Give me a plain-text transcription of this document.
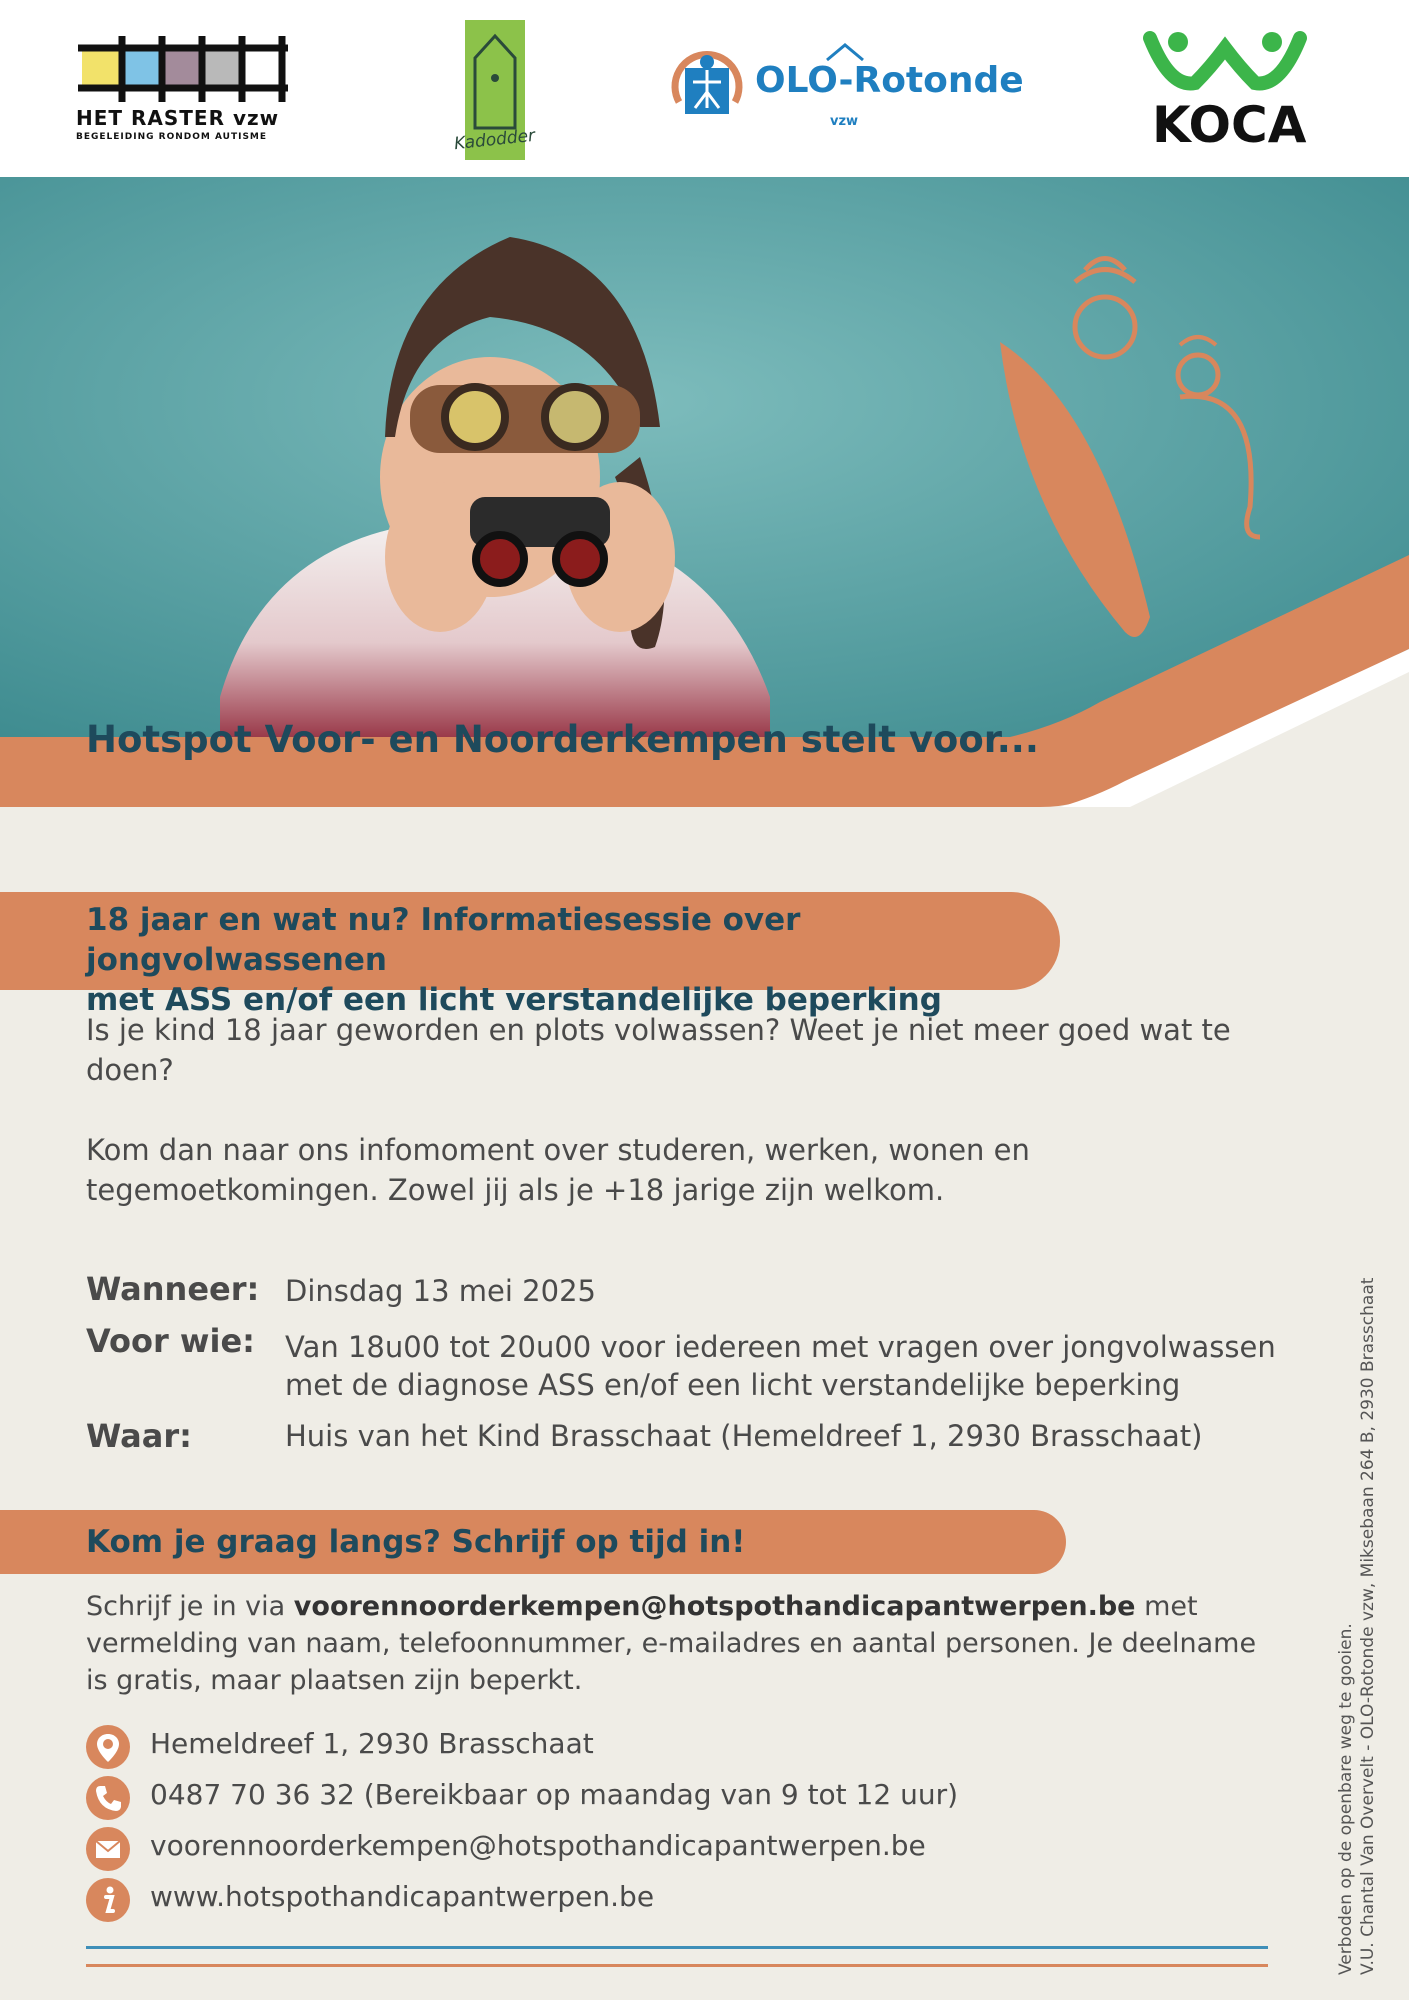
HET RASTER vzw
BEGELEIDING RONDOM AUTISME	Kadodder
OLO-Rotonde
vzw	KOCA
Hotspot Voor- en Noorderkempen stelt voor...
18 jaar en wat nu? Informatiesessie over jongvolwassenen
met ASS en/of een licht verstandelijke beperking
Is je kind 18 jaar geworden en plots volwassen? Weet je niet meer goed wat te doen?
Kom dan naar ons infomoment over studeren, werken, wonen en tegemoetkomingen. Zowel jij als je +18 jarige zijn welkom.
Wanneer: Dinsdag 13 mei 2025
Voor wie: Van 18u00 tot 20u00 voor iedereen met vragen over jongvolwassen met de diagnose ASS en/of een licht verstandelijke beperking
Waar:	Huis van het Kind Brasschaat (Hemeldreef 1, 2930 Brasschaat)
Kom je graag langs? Schrijf op tijd in!
Schrijf je in via voorennoorderkempen@hotspothandicapantwerpen.be met vermelding van naam, telefoonnummer, e-mailadres en aantal personen. Je deelname is gratis, maar plaatsen zijn beperkt.
Hemeldreef 1, 2930 Brasschaat
0487 70 36 32 (Bereikbaar op maandag van 9 tot 12 uur)
voorennoorderkempen@hotspothandicapantwerpen.be
www.hotspothandicapantwerpen.be	Verboden op de openbare weg te gooien. V.U. Chantal Van Overvelt - OLO-Rotonde vzw, Miksebaan 264 B, 2930 Brasschaat
